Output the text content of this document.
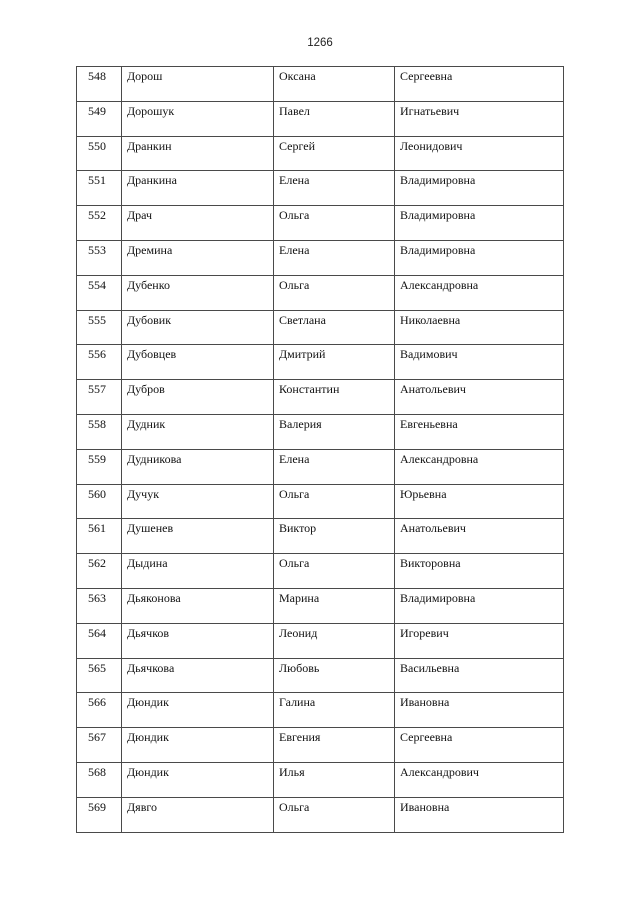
1266
548	Дорош	Оксана	Сергеевна
549	Дорошук	Павел	Игнатьевич
550	Дранкин	Сергей	Леонидович
551	Дранкина	Елена	Владимировна
552	Драч	Ольга	Владимировна
553	Дремина	Елена	Владимировна
554	Дубенко	Ольга	Александровна
555	Дубовик	Светлана	Николаевна
556	Дубовцев	Дмитрий	Вадимович
557	Дубров	Константин	Анатольевич
558	Дудник	Валерия	Евгеньевна
559	Дудникова	Елена	Александровна
560	Дучук	Ольга	Юрьевна
561	Душенев	Виктор	Анатольевич
562	Дыдина	Ольга	Викторовна
563	Дьяконова	Марина	Владимировна
564	Дьячков	Леонид	Игоревич
565	Дьячкова	Любовь	Васильевна
566	Дюндик	Галина	Ивановна
567	Дюндик	Евгения	Сергеевна
568	Дюндик	Илья	Александрович
569	Дявго	Ольга	Ивановна
